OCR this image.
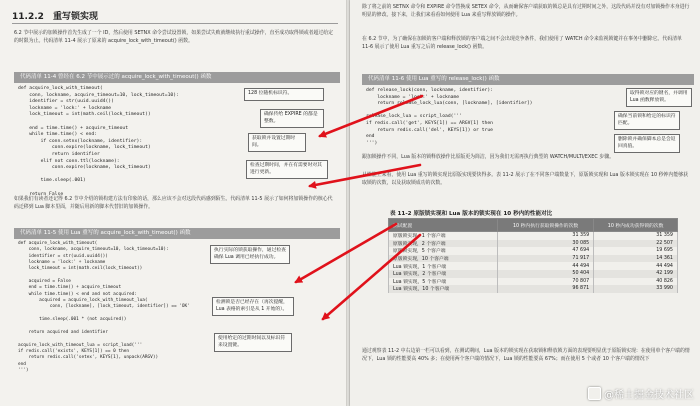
11.2.2 重写锁实现
6.2 节中展示的加锁操作首先生成了一个 ID，然后使用 SETNX 命令尝试设置锁，如果尝试失败就继续执行重试操作，直至成功取得锁或者超过给定的时限为止。代码清单 11-4 展示了原来的 acquire_lock_with_timeout() 函数。
代码清单 11-4 曾经在 6.2 节中展示过的 acquire_lock_with_timeout() 函数
def acquire_lock_with_timeout(
conn, lockname, acquire_timeout=10, lock_timeout=10):
identifier = str(uuid.uuid4())
lockname = 'lock:' + lockname
lock_timeout = int(math.ceil(lock_timeout))

end = time.time() + acquire_timeout
while time.time() < end:
if conn.setnx(lockname, identifier):
conn.expire(lockname, lock_timeout)
return identifier
elif not conn.ttl(lockname):
conn.expire(lockname, lock_timeout)

time.sleep(.001)

return False
128 位随机标识符。
确保传给 EXPIRE 的都是整数。
获取锁并设置过期时间。
检查过期时间，并在有需要时对其进行更新。
如果我们有读者还记得 6.2 节中介绍的锁构建方法有印象的话，那么应该不会对这段代码感到陌生。代码清单 11-5 展示了如何将加锁操作的核心代码迁移到 Lua 脚本里面，并随后用新的脚本代替旧的加锁操作。
代码清单 11-5 使用 Lua 重写的 acquire_lock_with_timeout() 函数
def acquire_lock_with_timeout(
conn, lockname, acquire_timeout=10, lock_timeout=10):
identifier = str(uuid.uuid4())
lockname = 'lock:' + lockname
lock_timeout = int(math.ceil(lock_timeout))

acquired = False
end = time.time() + acquire_timeout
while time.time() < end and not acquired:
acquired = acquire_lock_with_timeout_lua(
conn, [lockname], [lock_timeout, identifier]) == 'OK'

time.sleep(.001 * (not acquired))

return acquired and identifier

acquire_lock_with_timeout_lua = script_load('''
if redis.call('exists', KEYS[1]) == 0 then
return redis.call('setex', KEYS[1], unpack(ARGV))
end
''')
执行实际的锁获取操作，通过检查确保 Lua 调用已经执行成功。
检测锁是否已经存在（再次提醒，Lua 表格的索引是从 1 开始的）。
使用给定的过期时间以及标识符来设置键。
除了将之前的 SETNX 命令和 EXPIRE 命令替换成 SETEX 命令，从而确保客户端获取的锁总是具有过期时间之外，这段代码并没有对加锁操作本身进行明显的修改。接下来，让我们来看看如何使用 Lua 来重写释放锁的操作。
在 6.2 节中，为了确保在加锁的客户端和释放锁的客户端之间不会出现竞争条件，我们使用了 WATCH 命令来监视锁键并在事务中删除它。代码清单 11-6 展示了使用 Lua 重写之后的 release_lock() 函数。
代码清单 11-6 使用 Lua 重写的 release_lock() 函数
def release_lock(conn, lockname, identifier):
lockname = 'lock:' + lockname
return release_lock_lua(conn, [lockname], [identifier])

release_lock_lua = script_load('''
if redis.call('get', KEYS[1]) == ARGV[1] then
return redis.call('del', KEYS[1]) or true
end
''')
取得锁对应的键名，并调用 Lua 函数释放锁。
确保当前锁和给定的标识符匹配。
删除锁并确保脚本总是会返回真值。
跟加锁操作不同，Lua 版本的锁释放操作比原版更为简洁，因为我们无需再执行典型的 WATCH/MULTI/EXEC 步骤。
从性能上来看，使用 Lua 重写的锁实现比原版实现要快得多。表 11-2 展示了在不同客户端数量下，原版锁实现和 Lua 版本锁实现在 10 秒钟内能够获取锁的次数，以及获取锁成功的次数。
表 11-2 原版锁实现和 Lua 版本的锁实现在 10 秒内的性能对比
测试配置	10 秒内执行获取锁操作的次数	10 秒内成功获得锁的次数
原版锁实现，1 个客户端	31 359	31 359
原版锁实现，2 个客户端	30 085	22 507
原版锁实现，5 个客户端	47 694	19 695
原版锁实现，10 个客户端	71 917	14 361
Lua 锁实现，1 个客户端	44 494	44 494
Lua 锁实现，2 个客户端	50 404	42 199
Lua 锁实现，5 个客户端	70 807	40 826
Lua 锁实现，10 个客户端	96 871	33 990
通过观察表 11-2 中右边第一栏可以看到，在测试期间，Lua 版本的锁实现在获取锁和释放锁方面的表现要明显优于原版锁实现：在使用单个客户端的情况下，Lua 锁的性能要高 40% 多；在使用两个客户端的情况下，Lua 锁的性能要高 67%；而在使用 5 个或者 10 个客户端的情况下
@稀土掘金技术社区
